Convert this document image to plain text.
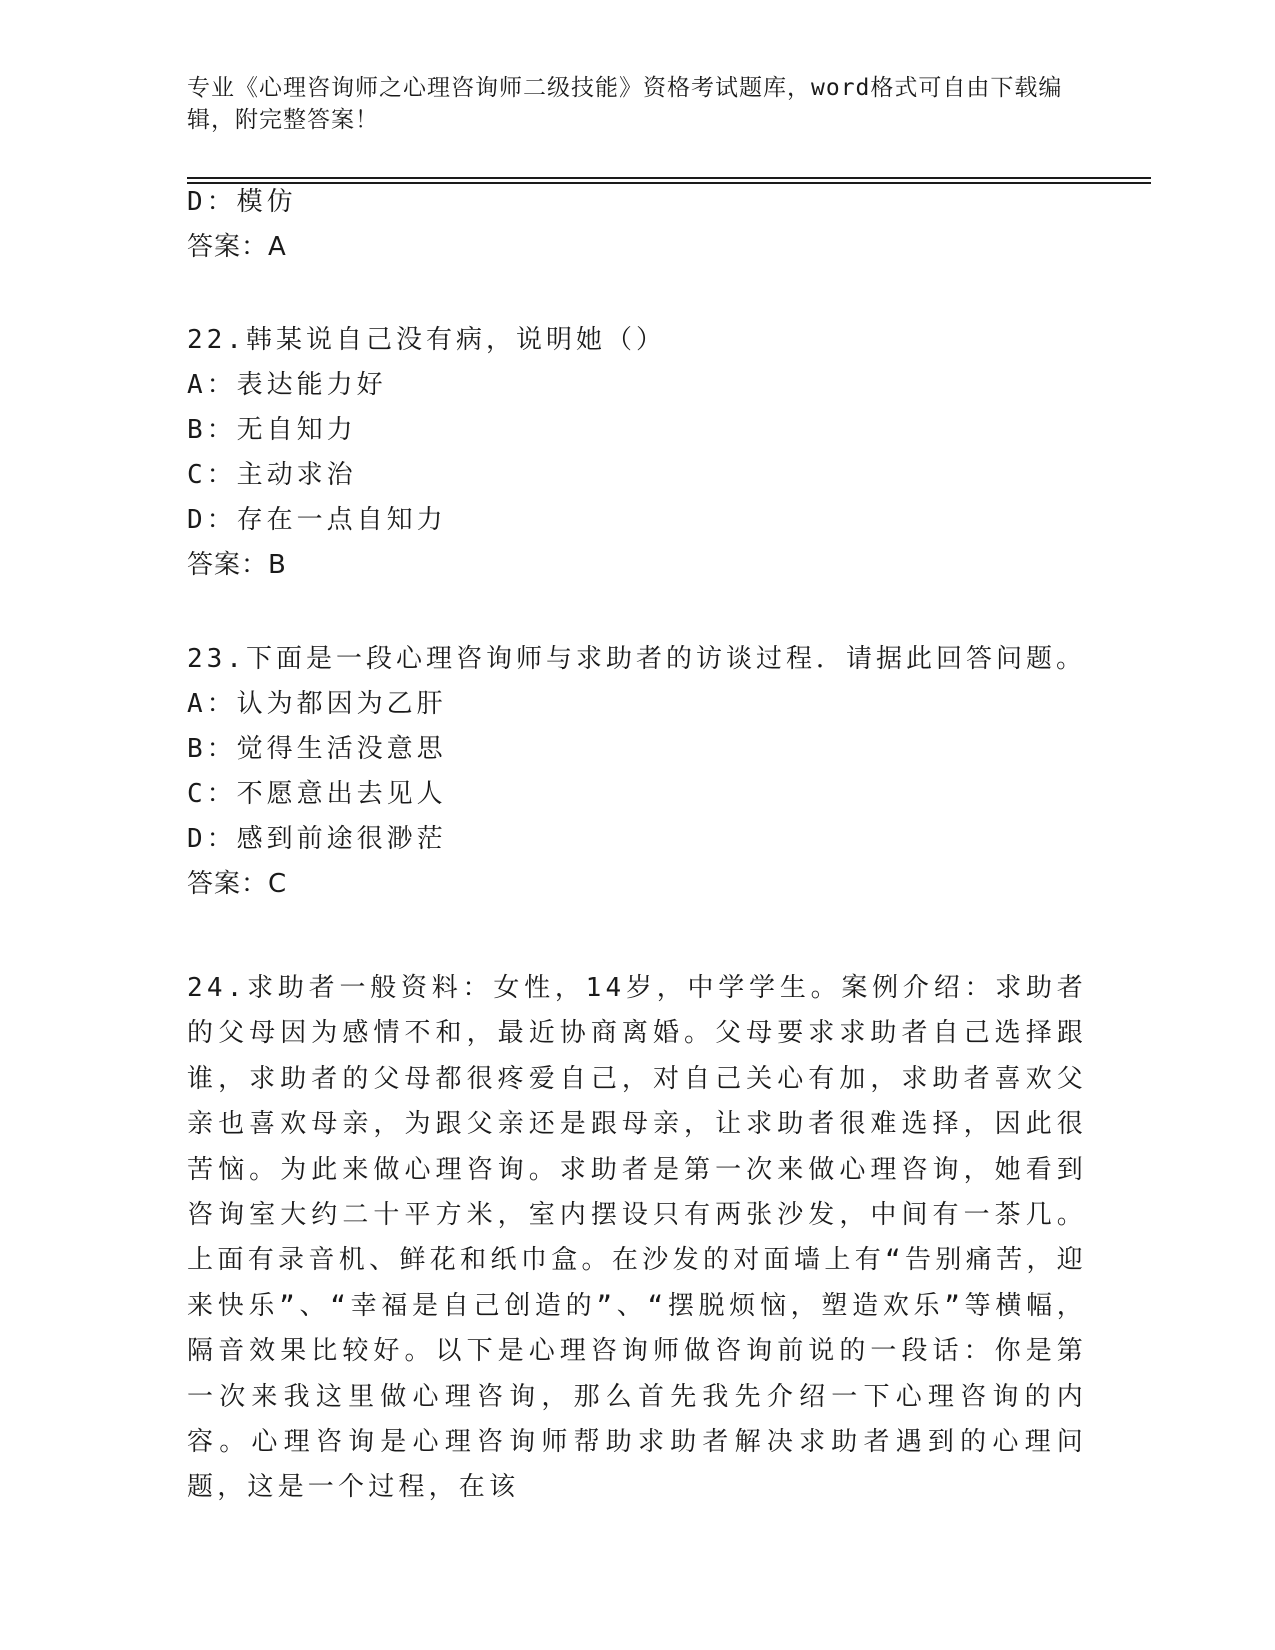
专业《心理咨询师之心理咨询师二级技能》资格考试题库，word格式可自由下载编辑，附完整答案！
D：模仿
答案：A
22.韩某说自己没有病，说明她（）
A：表达能力好
B：无自知力
C：主动求治
D：存在一点自知力
答案：B
23.下面是一段心理咨询师与求助者的访谈过程．请据此回答问题。
A：认为都因为乙肝
B：觉得生活没意思
C：不愿意出去见人
D：感到前途很渺茫
答案：C
24.求助者一般资料：女性，14岁，中学学生。案例介绍：求助者的父母因为感情不和，最近协商离婚。父母要求求助者自己选择跟谁，求助者的父母都很疼爱自己，对自己关心有加，求助者喜欢父亲也喜欢母亲，为跟父亲还是跟母亲，让求助者很难选择，因此很苦恼。为此来做心理咨询。求助者是第一次来做心理咨询，她看到咨询室大约二十平方米，室内摆设只有两张沙发，中间有一茶几。上面有录音机、鲜花和纸巾盒。在沙发的对面墙上有“告别痛苦，迎来快乐”、“幸福是自己创造的”、“摆脱烦恼，塑造欢乐”等横幅，隔音效果比较好。以下是心理咨询师做咨询前说的一段话：你是第一次来我这里做心理咨询，那么首先我先介绍一下心理咨询的内容。心理咨询是心理咨询师帮助求助者解决求助者遇到的心理问题，这是一个过程，在该
